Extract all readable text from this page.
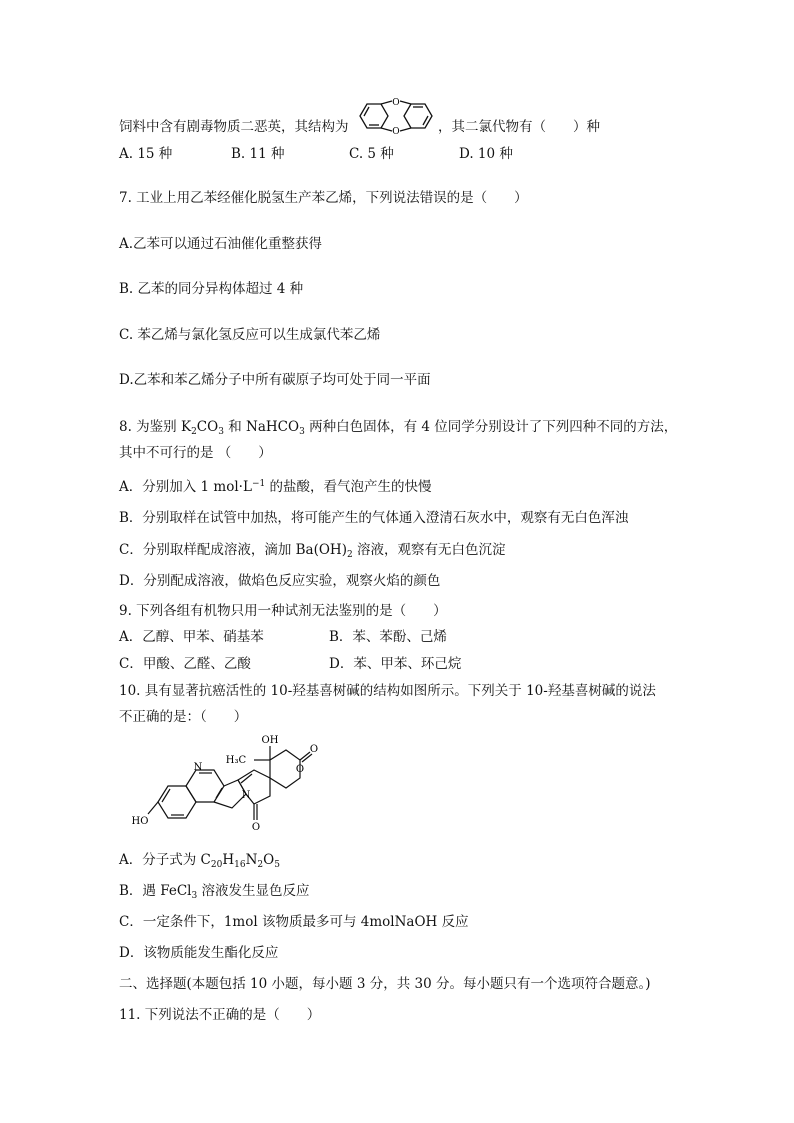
饲料中含有剧毒物质二恶英，其结构为
O
O	，其二氯代物有（　　）种
A. 15 种	B. 11 种	C. 5 种	D. 10 种
7. 工业上用乙苯经催化脱氢生产苯乙烯，下列说法错误的是（　　）
A.乙苯可以通过石油催化重整获得
B. 乙苯的同分异构体超过 4 种
C. 苯乙烯与氯化氢反应可以生成氯代苯乙烯
D.乙苯和苯乙烯分子中所有碳原子均可处于同一平面
8. 为鉴别 $K_2CO_3$ 和 NaHCO$_3$ 两种白色固体，有 4 位同学分别设计了下列四种不同的方法，
其中不可行的是 （　　）
A．分别加入 1 $mol\cdot L^{-1}$ 的盐酸，看气泡产生的快慢
B．分别取样在试管中加热，将可能产生的气体通入澄清石灰水中，观察有无白色浑浊
C．分别取样配成溶液，滴加 $Ba(OH)_2$ 溶液，观察有无白色沉淀
D．分别配成溶液，做焰色反应实验，观察火焰的颜色
9. 下列各组有机物只用一种试剂无法鉴别的是（　　）
A．乙醇、甲苯、硝基苯	B．苯、苯酚、己烯
C．甲酸、乙醛、乙酸	D．苯、甲苯、环己烷
10. 具有显著抗癌活性的 10-羟基喜树碱的结构如图所示。下列关于 10-羟基喜树碱的说法
不正确的是：（　　）
OH
O
H₃C
O
N
N
O
HO
A．分子式为 $C_{20}H_{16}N_2O_5$
B．遇 FeCl$_3$ 溶液发生显色反应
C．一定条件下，1mol 该物质最多可与 4molNaOH 反应
D．该物质能发生酯化反应
二、选择题(本题包括 10 小题，每小题 3 分，共 30 分。每小题只有一个选项符合题意。)
11. 下列说法不正确的是（　　）
